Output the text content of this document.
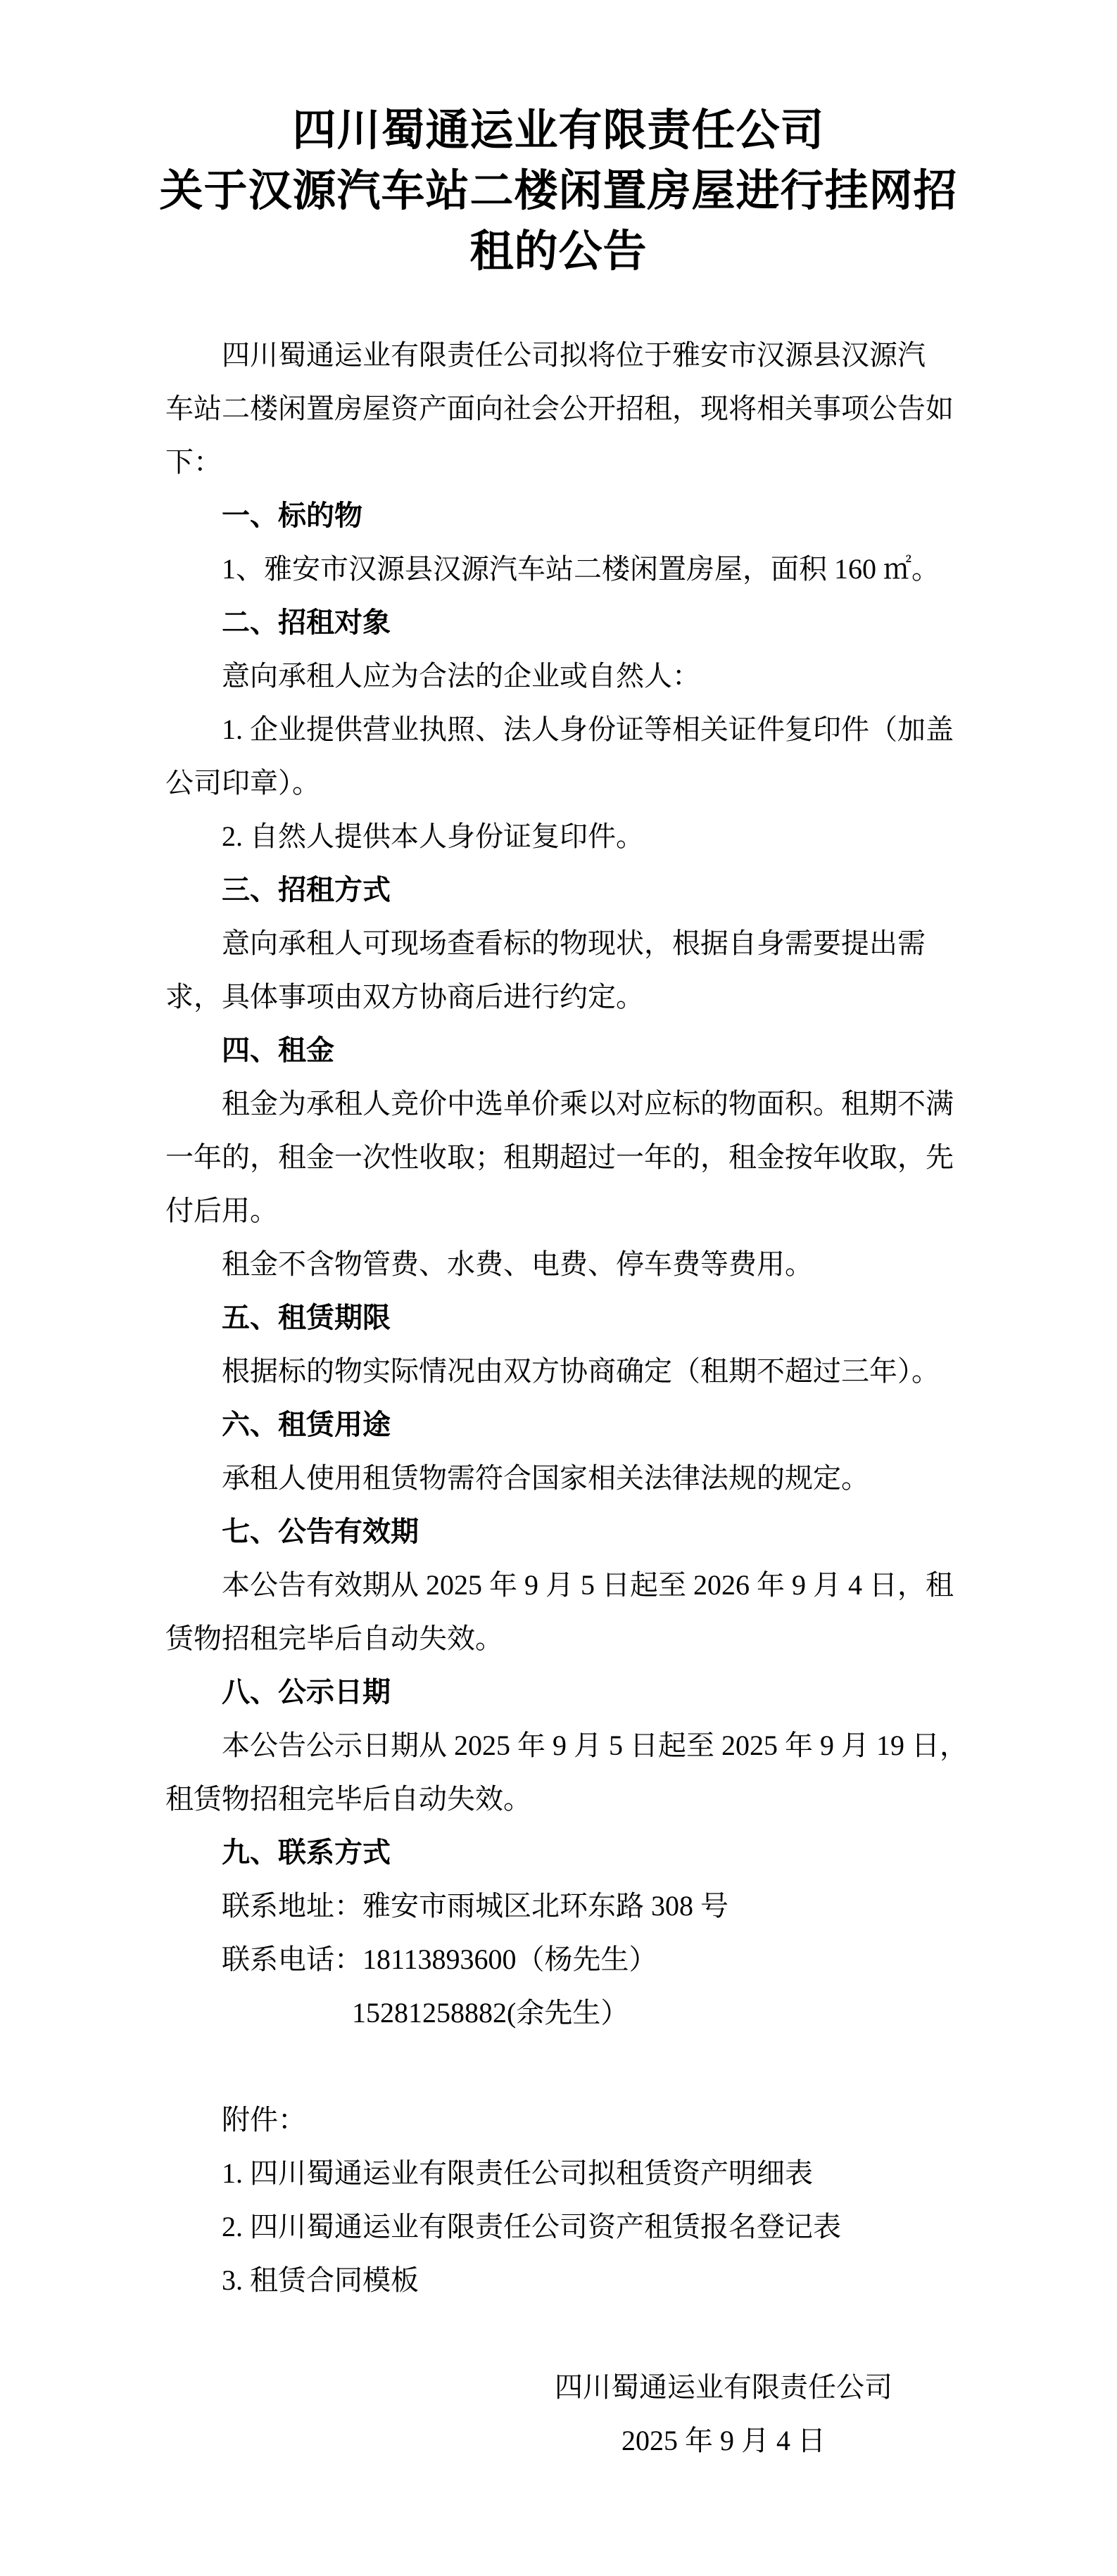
四川蜀通运业有限责任公司
关于汉源汽车站二楼闲置房屋进行挂网招
租的公告
四川蜀通运业有限责任公司拟将位于雅安市汉源县汉源汽
车站二楼闲置房屋资产面向社会公开招租，现将相关事项公告如
下：
一、标的物
1、雅安市汉源县汉源汽车站二楼闲置房屋，面积 160 ㎡。
二、招租对象
意向承租人应为合法的企业或自然人：
1. 企业提供营业执照、法人身份证等相关证件复印件（加盖
公司印章）。
2. 自然人提供本人身份证复印件。
三、招租方式
意向承租人可现场查看标的物现状，根据自身需要提出需
求，具体事项由双方协商后进行约定。
四、租金
租金为承租人竞价中选单价乘以对应标的物面积。租期不满
一年的，租金一次性收取；租期超过一年的，租金按年收取，先
付后用。
租金不含物管费、水费、电费、停车费等费用。
五、租赁期限
根据标的物实际情况由双方协商确定（租期不超过三年）。
六、租赁用途
承租人使用租赁物需符合国家相关法律法规的规定。
七、公告有效期
本公告有效期从 2025 年 9 月 5 日起至 2026 年 9 月 4 日，租
赁物招租完毕后自动失效。
八、公示日期
本公告公示日期从 2025 年 9 月 5 日起至 2025 年 9 月 19 日，
租赁物招租完毕后自动失效。
九、联系方式
联系地址：雅安市雨城区北环东路 308 号
联系电话：18113893600（杨先生）
15281258882(余先生）
附件：
1. 四川蜀通运业有限责任公司拟租赁资产明细表
2. 四川蜀通运业有限责任公司资产租赁报名登记表
3. 租赁合同模板
四川蜀通运业有限责任公司
2025 年 9 月 4 日
